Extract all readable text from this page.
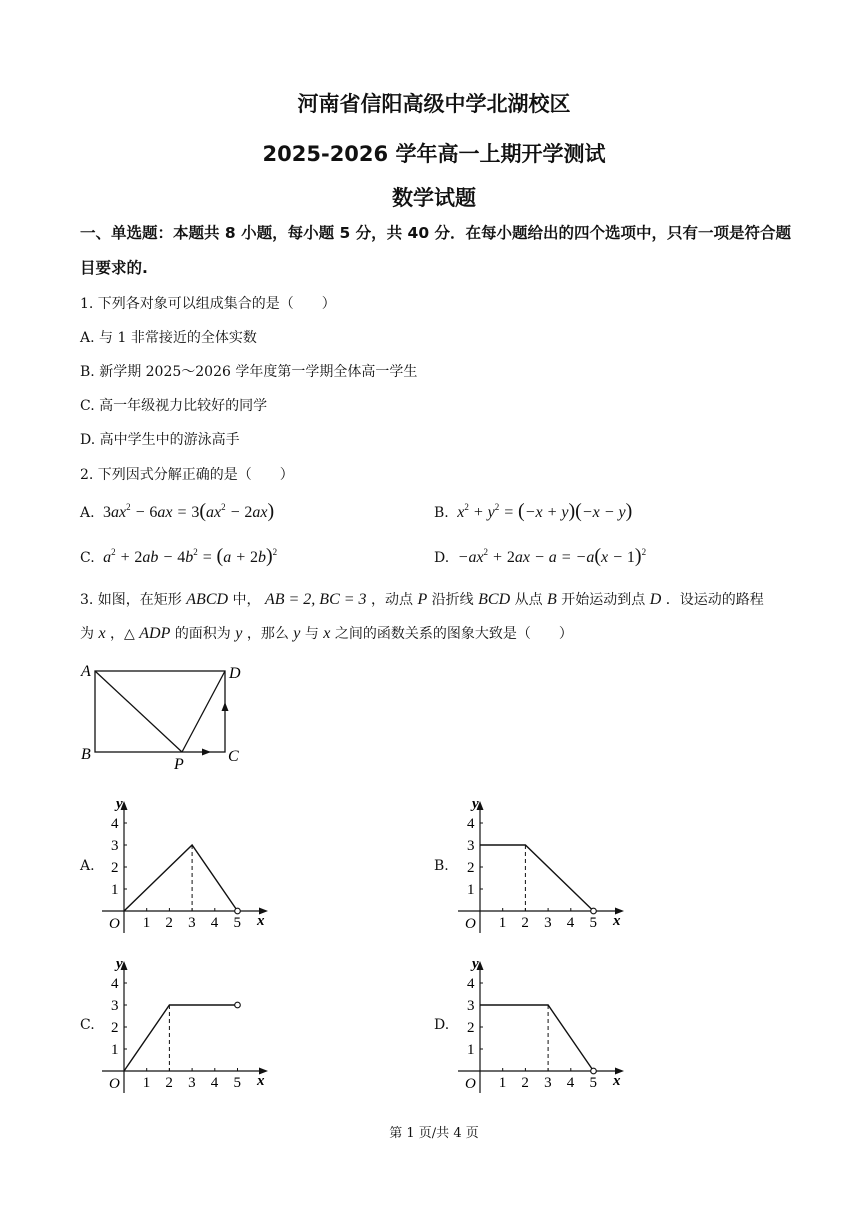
河南省信阳高级中学北湖校区
2025-2026 学年高一上期开学测试
数学试题
一、单选题：本题共 8 小题，每小题 5 分，共 40 分．在每小题给出的四个选项中，只有一项是符合题目要求的.
1. 下列各对象可以组成集合的是（　　）
A. 与 1 非常接近的全体实数
B. 新学期 2025～2026 学年度第一学期全体高一学生
C. 高一年级视力比较好的同学
D. 高中学生中的游泳高手
2. 下列因式分解正确的是（　　）
A. $3ax^2 - 6ax = 3(ax^2 - 2ax)$	B.  $x^2 + y^2 = (-x + y)(-x - y)$
C.  $a^2 + 2ab - 4b^2 = (a + 2b)^2$	D.  $-ax^2 + 2ax - a = -a(x - 1)^2$
3. 如图，在矩形 ABCD 中， AB = 2, BC = 3 ，动点 P 沿折线 BCD 从点 B 开始运动到点 D ．设运动的路程
为 x ，△ ADP 的面积为 y ，那么 y 与 x 之间的函数关系的图象大致是（　　）
A
B	C
D
P
A.	B.
C.	D.
y
x
O 1 2 3 4 5
1
2
3
4
y
x
O 1 2 3 4 5
1
2
3
4
y
x
O 1 2 3 4 5
1
2
3
4
y
x
O 1 2 3 4 5
1
2
3
4
第 1 页/共 4 页
